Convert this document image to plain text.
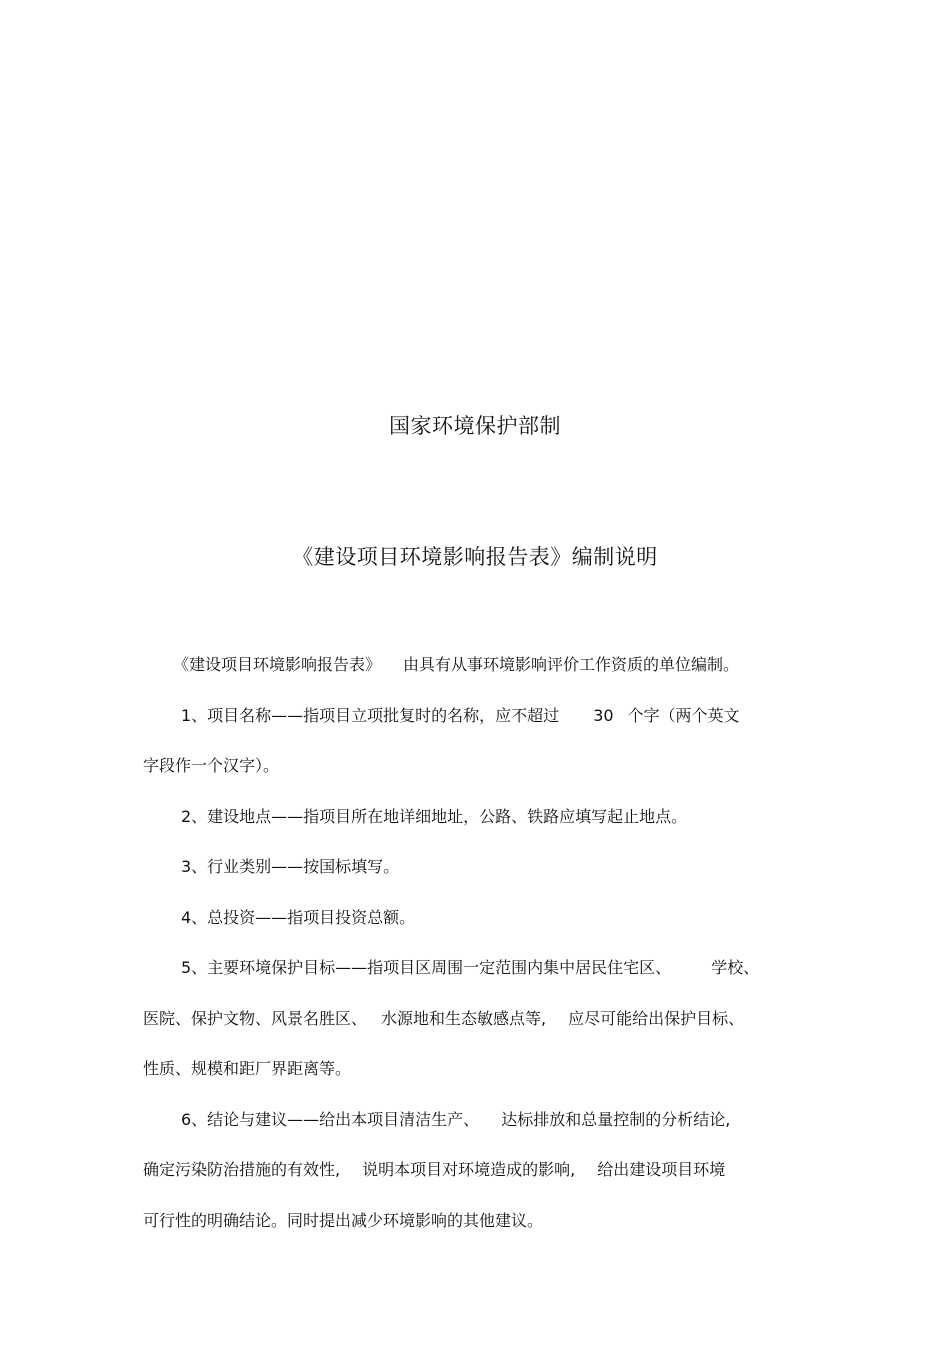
国家环境保护部制
《建设项目环境影响报告表》编制说明
《建设项目环境影响报告表》 由具有从事环境影响评价工作资质的单位编制。
1、项目名称——指项目立项批复时的名称，应不超过 30 个字（两个英文
字段作一个汉字）。
2、建设地点——指项目所在地详细地址，公路、铁路应填写起止地点。
3、行业类别——按国标填写。
4、总投资——指项目投资总额。
5、主要环境保护目标——指项目区周围一定范围内集中居民住宅区、	学校、
医院、保护文物、风景名胜区、 水源地和生态敏感点等, 应尽可能给出保护目标、
性质、规模和距厂界距离等。
6、结论与建议——给出本项目清洁生产、 达标排放和总量控制的分析结论,
确定污染防治措施的有效性, 说明本项目对环境造成的影响, 给出建设项目环境
可行性的明确结论。同时提出减少环境影响的其他建议。
